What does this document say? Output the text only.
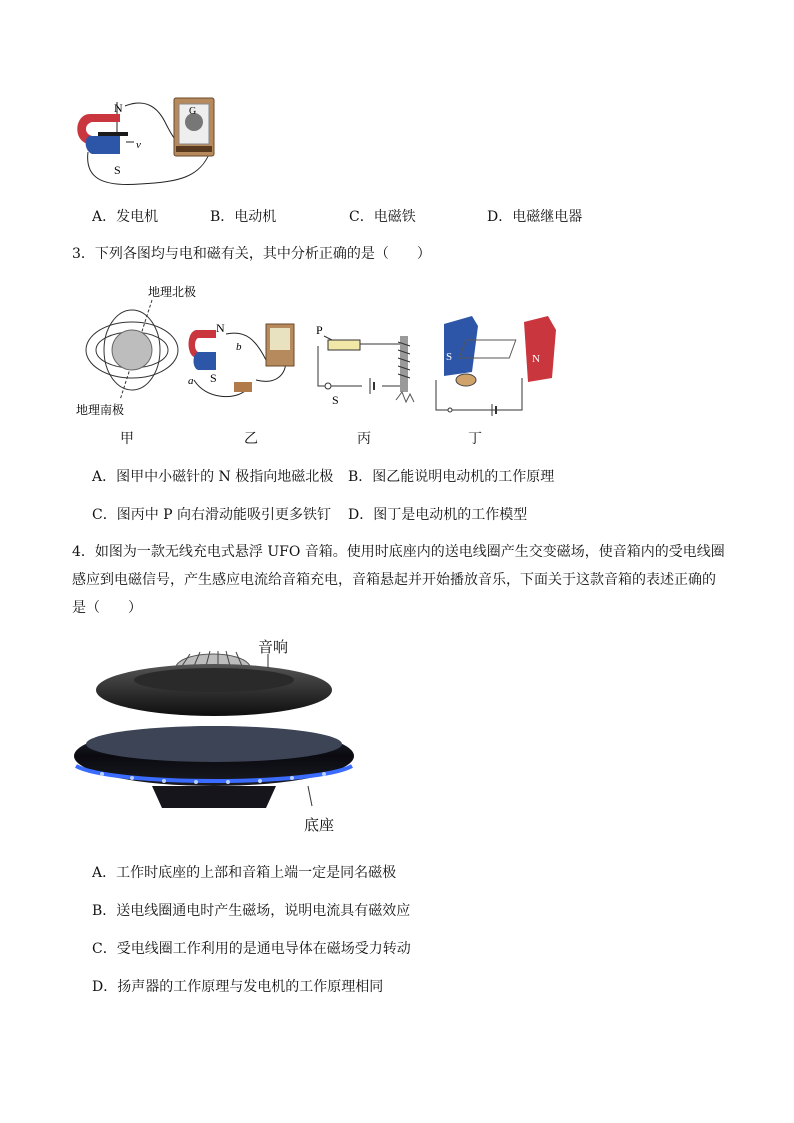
N
S
v
G
A．发电机	B．电动机	C．电磁铁	D．电磁继电器
3．下列各图均与电和磁有关，其中分析正确的是（　　）
地理北极
地理南极
N
S
a
b
P
S
S	N
甲	乙	丙	丁
A．图甲中小磁针的 N 极指向地磁北极 B．图乙能说明电动机的工作原理
C．图丙中 P 向右滑动能吸引更多铁钉 D．图丁是电动机的工作模型
4．如图为一款无线充电式悬浮 UFO 音箱。使用时底座内的送电线圈产生交变磁场，使音箱内的受电线圈
感应到电磁信号，产生感应电流给音箱充电，音箱悬起并开始播放音乐，下面关于这款音箱的表述正确的
是（　　）
音响
底座
A．工作时底座的上部和音箱上端一定是同名磁极
B．送电线圈通电时产生磁场，说明电流具有磁效应
C．受电线圈工作利用的是通电导体在磁场受力转动
D．扬声器的工作原理与发电机的工作原理相同
